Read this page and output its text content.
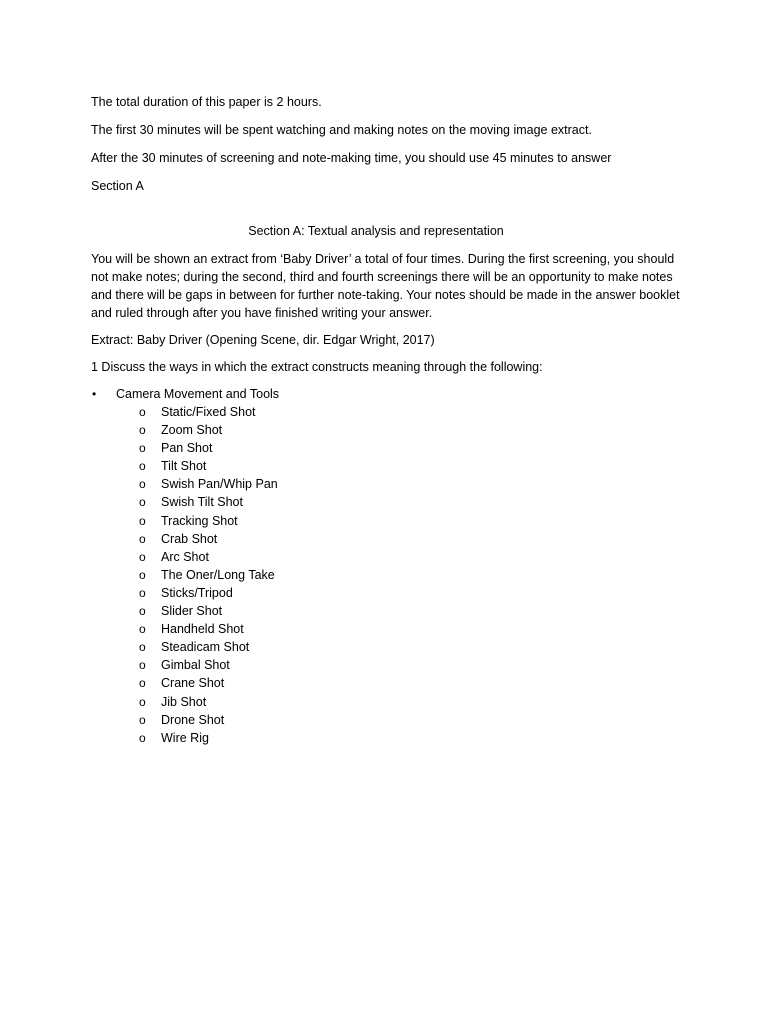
The total duration of this paper is 2 hours.

The first 30 minutes will be spent watching and making notes on the moving image extract.

After the 30 minutes of screening and note-making time, you should use 45 minutes to answer

Section A

Section A: Textual analysis and representation

You will be shown an extract from ‘Baby Driver’ a total of four times. During the first screening, you should not make notes; during the second, third and fourth screenings there will be an opportunity to make notes and there will be gaps in between for further note-taking. Your notes should be made in the answer booklet and ruled through after you have finished writing your answer.

Extract: Baby Driver (Opening Scene, dir. Edgar Wright, 2017)

1 Discuss the ways in which the extract constructs meaning through the following:

• Camera Movement and Tools
o Static/Fixed Shot
o Zoom Shot
o Pan Shot
o Tilt Shot
o Swish Pan/Whip Pan
o Swish Tilt Shot
o Tracking Shot
o Crab Shot
o Arc Shot
o The Oner/Long Take
o Sticks/Tripod
o Slider Shot
o Handheld Shot
o Steadicam Shot
o Gimbal Shot
o Crane Shot
o Jib Shot
o Drone Shot
o Wire Rig
